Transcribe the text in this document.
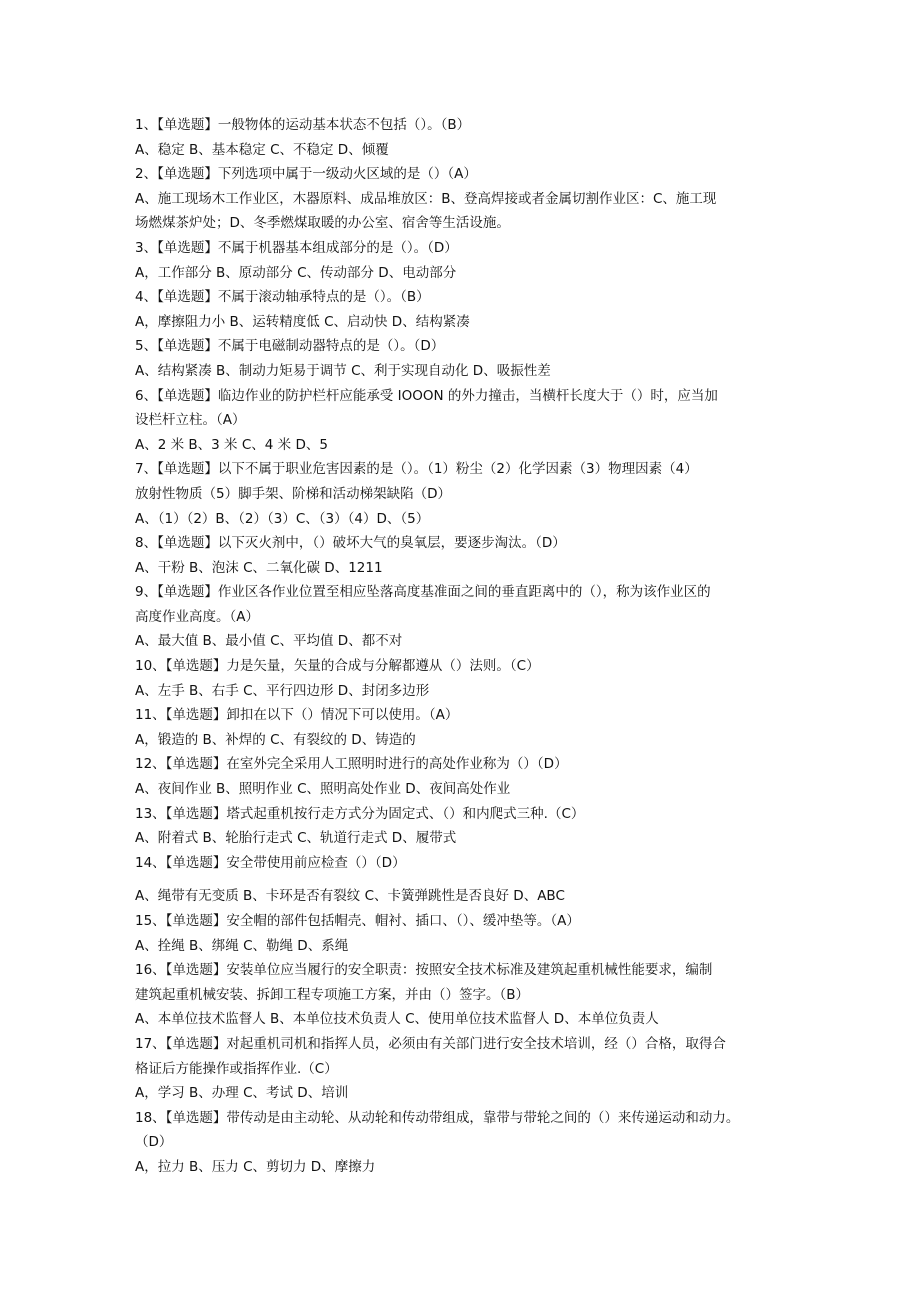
1、【单选题】一般物体的运动基本状态不包括（）。（B）
A、稳定 B、基本稳定 C、不稳定 D、倾覆
2、【单选题】下列选项中属于一级动火区域的是（）（A）
A、施工现场木工作业区，木器原料、成品堆放区：B、登高焊接或者金属切割作业区：C、施工现
场燃煤茶炉处；D、冬季燃煤取暖的办公室、宿舍等生活设施。
3、【单选题】不属于机器基本组成部分的是（）。（D）
A，工作部分 B、原动部分 C、传动部分 D、电动部分
4、【单选题】不属于滚动轴承特点的是（）。（B）
A，摩擦阻力小 B、运转精度低 C、启动快 D、结构紧凑
5、【单选题】不属于电磁制动器特点的是（）。（D）
A、结构紧凑 B、制动力矩易于调节 C、利于实现自动化 D、吸振性差
6、【单选题】临边作业的防护栏杆应能承受 IOOON 的外力撞击，当横杆长度大于（）时，应当加
设栏杆立柱。（A）
A、2 米 B、3 米 C、4 米 D、5
7、【单选题】以下不属于职业危害因素的是（）。（1）粉尘（2）化学因素（3）物理因素（4）
放射性物质（5）脚手架、阶梯和活动梯架缺陷（D）
A、（1）（2）B、（2）（3）C、（3）（4）D、（5）
8、【单选题】以下灭火剂中，（）破坏大气的臭氧层，要逐步淘汰。（D）
A、干粉 B、泡沫 C、二氧化碳 D、1211
9、【单选题】作业区各作业位置至相应坠落高度基准面之间的垂直距离中的（），称为该作业区的
高度作业高度。（A）
A、最大值 B、最小值 C、平均值 D、都不对
10、【单选题】力是矢量，矢量的合成与分解都遵从（）法则。（C）
A、左手 B、右手 C、平行四边形 D、封闭多边形
11、【单选题】卸扣在以下（）情况下可以使用。（A）
A，锻造的 B、补焊的 C、有裂纹的 D、铸造的
12、【单选题】在室外完全采用人工照明时进行的高处作业称为（）（D）
A、夜间作业 B、照明作业 C、照明高处作业 D、夜间高处作业
13、【单选题】塔式起重机按行走方式分为固定式、（）和内爬式三种.（C）
A、附着式 B、轮胎行走式 C、轨道行走式 D、履带式
14、【单选题】安全带使用前应检查（）（D）
A、绳带有无变质 B、卡环是否有裂纹 C、卡簧弹跳性是否良好 D、ABC
15、【单选题】安全帽的部件包括帽壳、帽衬、插口、（）、缓冲垫等。（A）
A、拴绳 B、绑绳 C、勒绳 D、系绳
16、【单选题】安装单位应当履行的安全职责：按照安全技术标准及建筑起重机械性能要求，编制
建筑起重机械安装、拆卸工程专项施工方案，并由（）签字。（B）
A、本单位技术监督人 B、本单位技术负责人 C、使用单位技术监督人 D、本单位负责人
17、【单选题】对起重机司机和指挥人员，必须由有关部门进行安全技术培训，经（）合格，取得合
格证后方能操作或指挥作业.（C）
A，学习 B、办理 C、考试 D、培训
18、【单选题】带传动是由主动轮、从动轮和传动带组成，靠带与带轮之间的（）来传递运动和动力。
（D）
A，拉力 B、压力 C、剪切力 D、摩擦力
